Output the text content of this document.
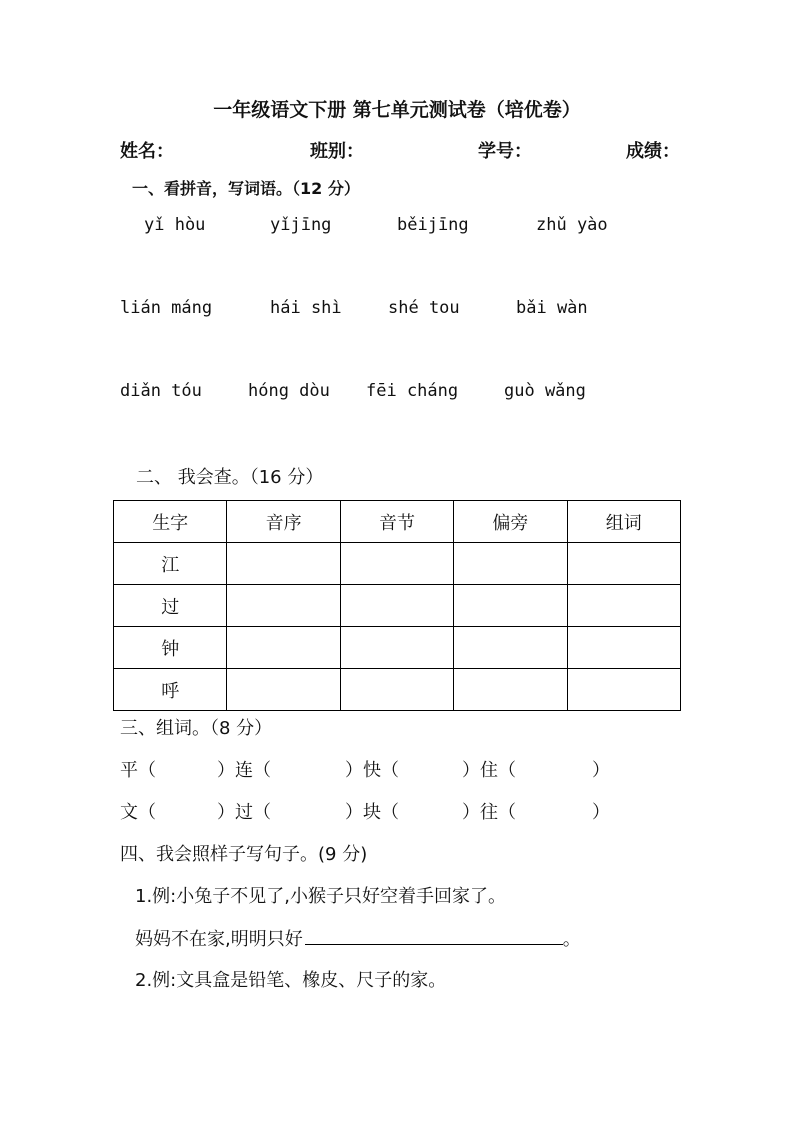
一年级语文下册 第七单元测试卷（培优卷）
姓名：	班别：	学号：	成绩：
一、看拼音，写词语。（12 分）
yǐ hòu	yǐjīng	běijīng	zhǔ yào
lián máng	hái shì	shé tou	bǎi wàn
diǎn tóu	hóng dòu fēi cháng	guò wǎng
二、 我会查。（16 分）
生字	音序	音节	偏旁	组词
江				
过				
钟				
呼				
三、组词。（8 分）
平（	）连（	）快（	）住（	）
文（	）过（	）块（	）往（	）
四、我会照样子写句子。(9 分)
1.例:小兔子不见了,小猴子只好空着手回家了。
妈妈不在家,明明只好	。
2.例:文具盒是铅笔、橡皮、尺子的家。
